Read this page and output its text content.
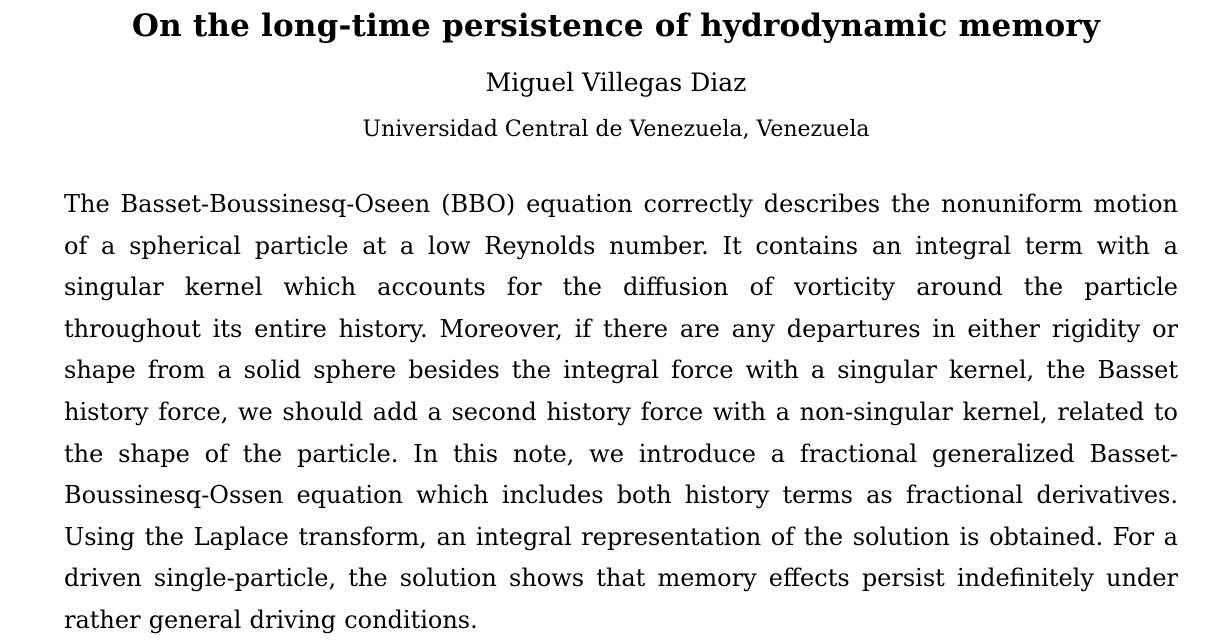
On the long-time persistence of hydrodynamic memory
Miguel Villegas Diaz
Universidad Central de Venezuela, Venezuela

The Basset-Boussinesq-Oseen (BBO) equation correctly describes the nonuniform motion of a spherical particle at a low Reynolds number. It contains an integral term with a singular kernel which accounts for the diffusion of vorticity around the particle throughout its entire history. Moreover, if there are any departures in either rigidity or shape from a solid sphere besides the integral force with a singular kernel, the Basset history force, we should add a second history force with a non-singular kernel, related to the shape of the particle. In this note, we introduce a fractional generalized Basset-Boussinesq-Ossen equation which includes both history terms as fractional derivatives. Using the Laplace transform, an integral representation of the solution is obtained. For a driven single-particle, the solution shows that memory effects persist indefinitely under rather general driving conditions.
